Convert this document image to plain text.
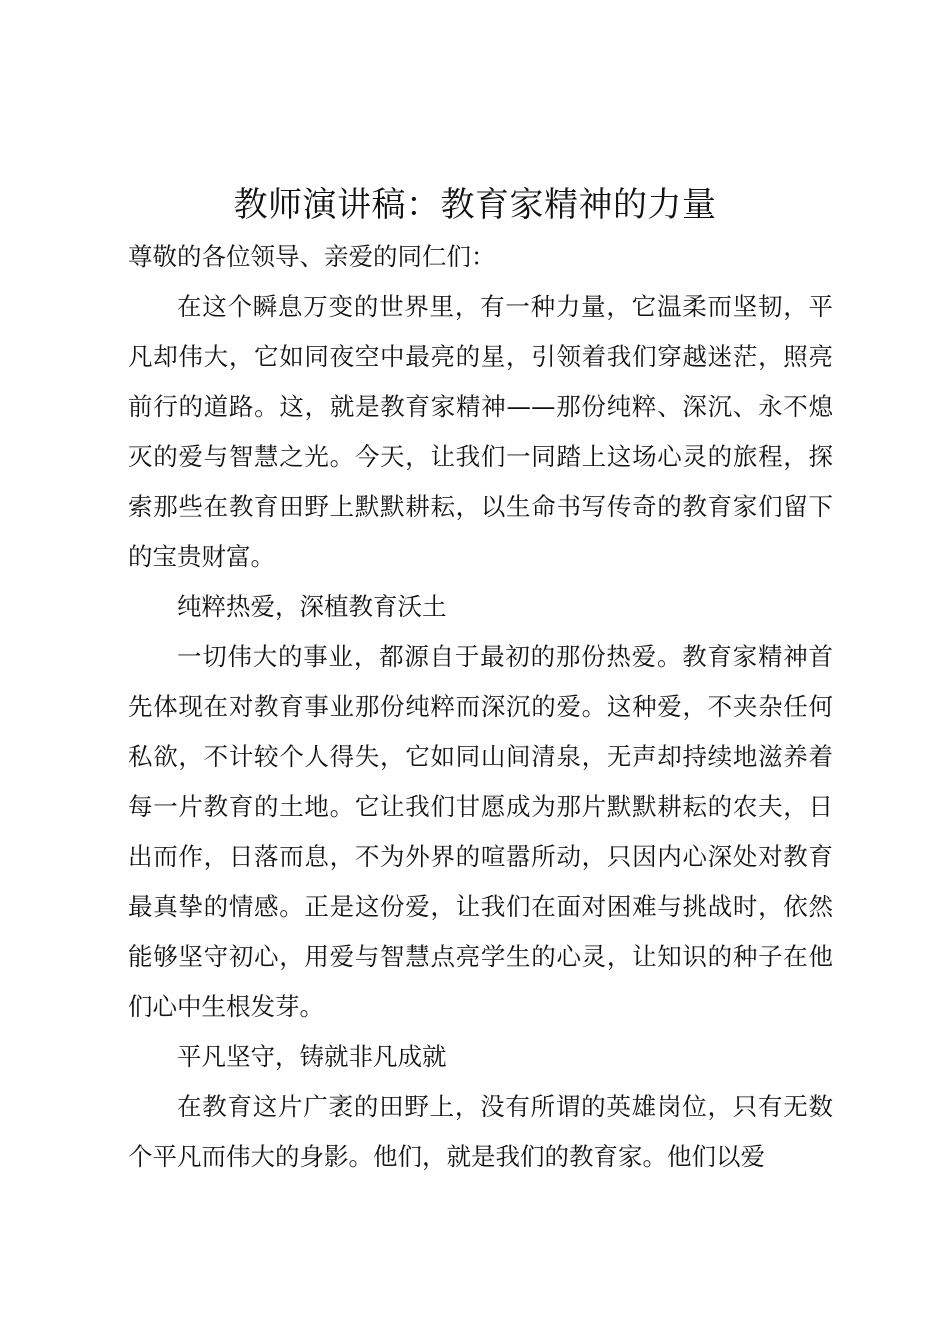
教师演讲稿：教育家精神的力量

尊敬的各位领导、亲爱的同仁们：

在这个瞬息万变的世界里，有一种力量，它温柔而坚韧，平凡却伟大，它如同夜空中最亮的星，引领着我们穿越迷茫，照亮前行的道路。这，就是教育家精神——那份纯粹、深沉、永不熄灭的爱与智慧之光。今天，让我们一同踏上这场心灵的旅程，探索那些在教育田野上默默耕耘，以生命书写传奇的教育家们留下的宝贵财富。

纯粹热爱，深植教育沃土

一切伟大的事业，都源自于最初的那份热爱。教育家精神首先体现在对教育事业那份纯粹而深沉的爱。这种爱，不夹杂任何私欲，不计较个人得失，它如同山间清泉，无声却持续地滋养着每一片教育的土地。它让我们甘愿成为那片默默耕耘的农夫，日出而作，日落而息，不为外界的喧嚣所动，只因内心深处对教育最真挚的情感。正是这份爱，让我们在面对困难与挑战时，依然能够坚守初心，用爱与智慧点亮学生的心灵，让知识的种子在他们心中生根发芽。

平凡坚守，铸就非凡成就

在教育这片广袤的田野上，没有所谓的英雄岗位，只有无数个平凡而伟大的身影。他们，就是我们的教育家。他们以爱
